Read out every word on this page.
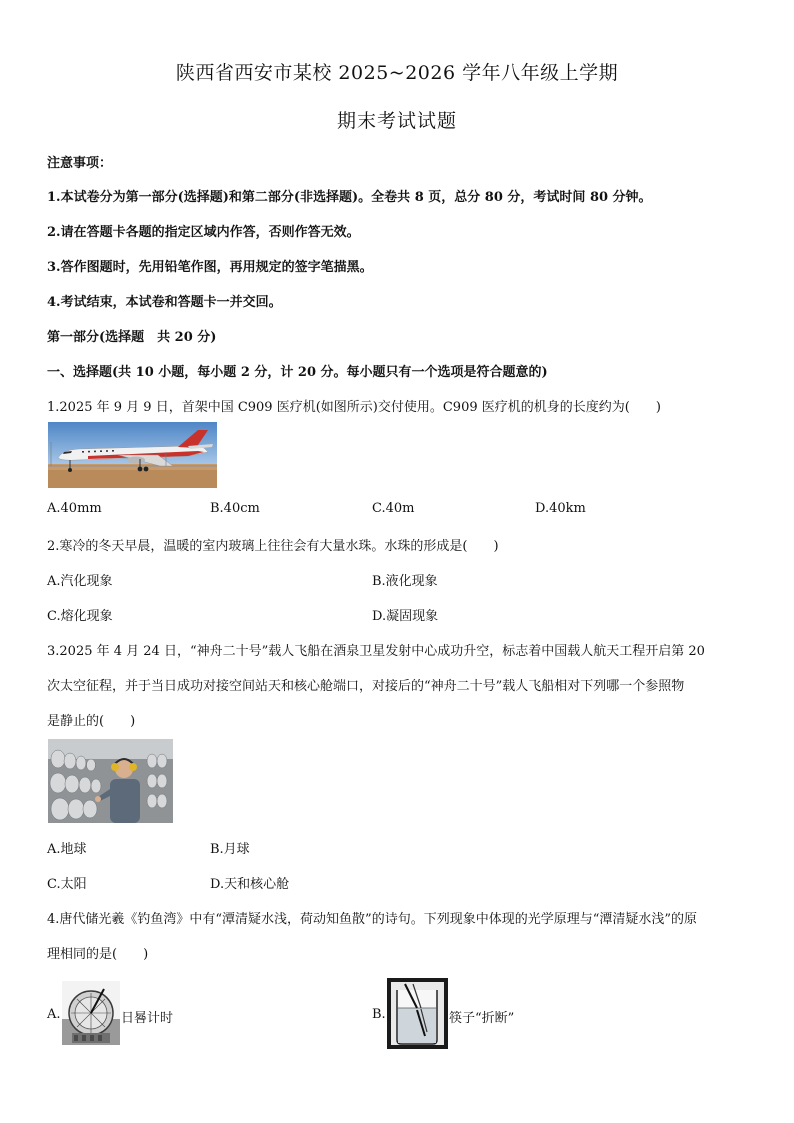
陕西省西安市某校 2025~2026 学年八年级上学期
期末考试试题
注意事项：
1.本试卷分为第一部分(选择题)和第二部分(非选择题)。全卷共 8 页，总分 80 分，考试时间 80 分钟。
2.请在答题卡各题的指定区域内作答，否则作答无效。
3.答作图题时，先用铅笔作图，再用规定的签字笔描黑。
4.考试结束，本试卷和答题卡一并交回。
第一部分(选择题　共 20 分)
一、选择题(共 10 小题，每小题 2 分，计 20 分。每小题只有一个选项是符合题意的)
1.2025 年 9 月 9 日，首架中国 C909 医疗机(如图所示)交付使用。C909 医疗机的机身的长度约为(　　)
A.40mm	B.40cm	C.40m	D.40km
2.寒冷的冬天早晨，温暖的室内玻璃上往往会有大量水珠。水珠的形成是(　　)
A.汽化现象	B.液化现象
C.熔化现象	D.凝固现象
3.2025 年 4 月 24 日，“神舟二十号”载人飞船在酒泉卫星发射中心成功升空，标志着中国载人航天工程开启第 20
次太空征程，并于当日成功对接空间站天和核心舱端口，对接后的“神舟二十号”载人飞船相对下列哪一个参照物
是静止的(　　)
A.地球	B.月球
C.太阳	D.天和核心舱
4.唐代储光羲《钓鱼湾》中有“潭清疑水浅，荷动知鱼散”的诗句。下列现象中体现的光学原理与“潭清疑水浅”的原
理相同的是(　　)
A.	日晷计时	B.	筷子“折断”
